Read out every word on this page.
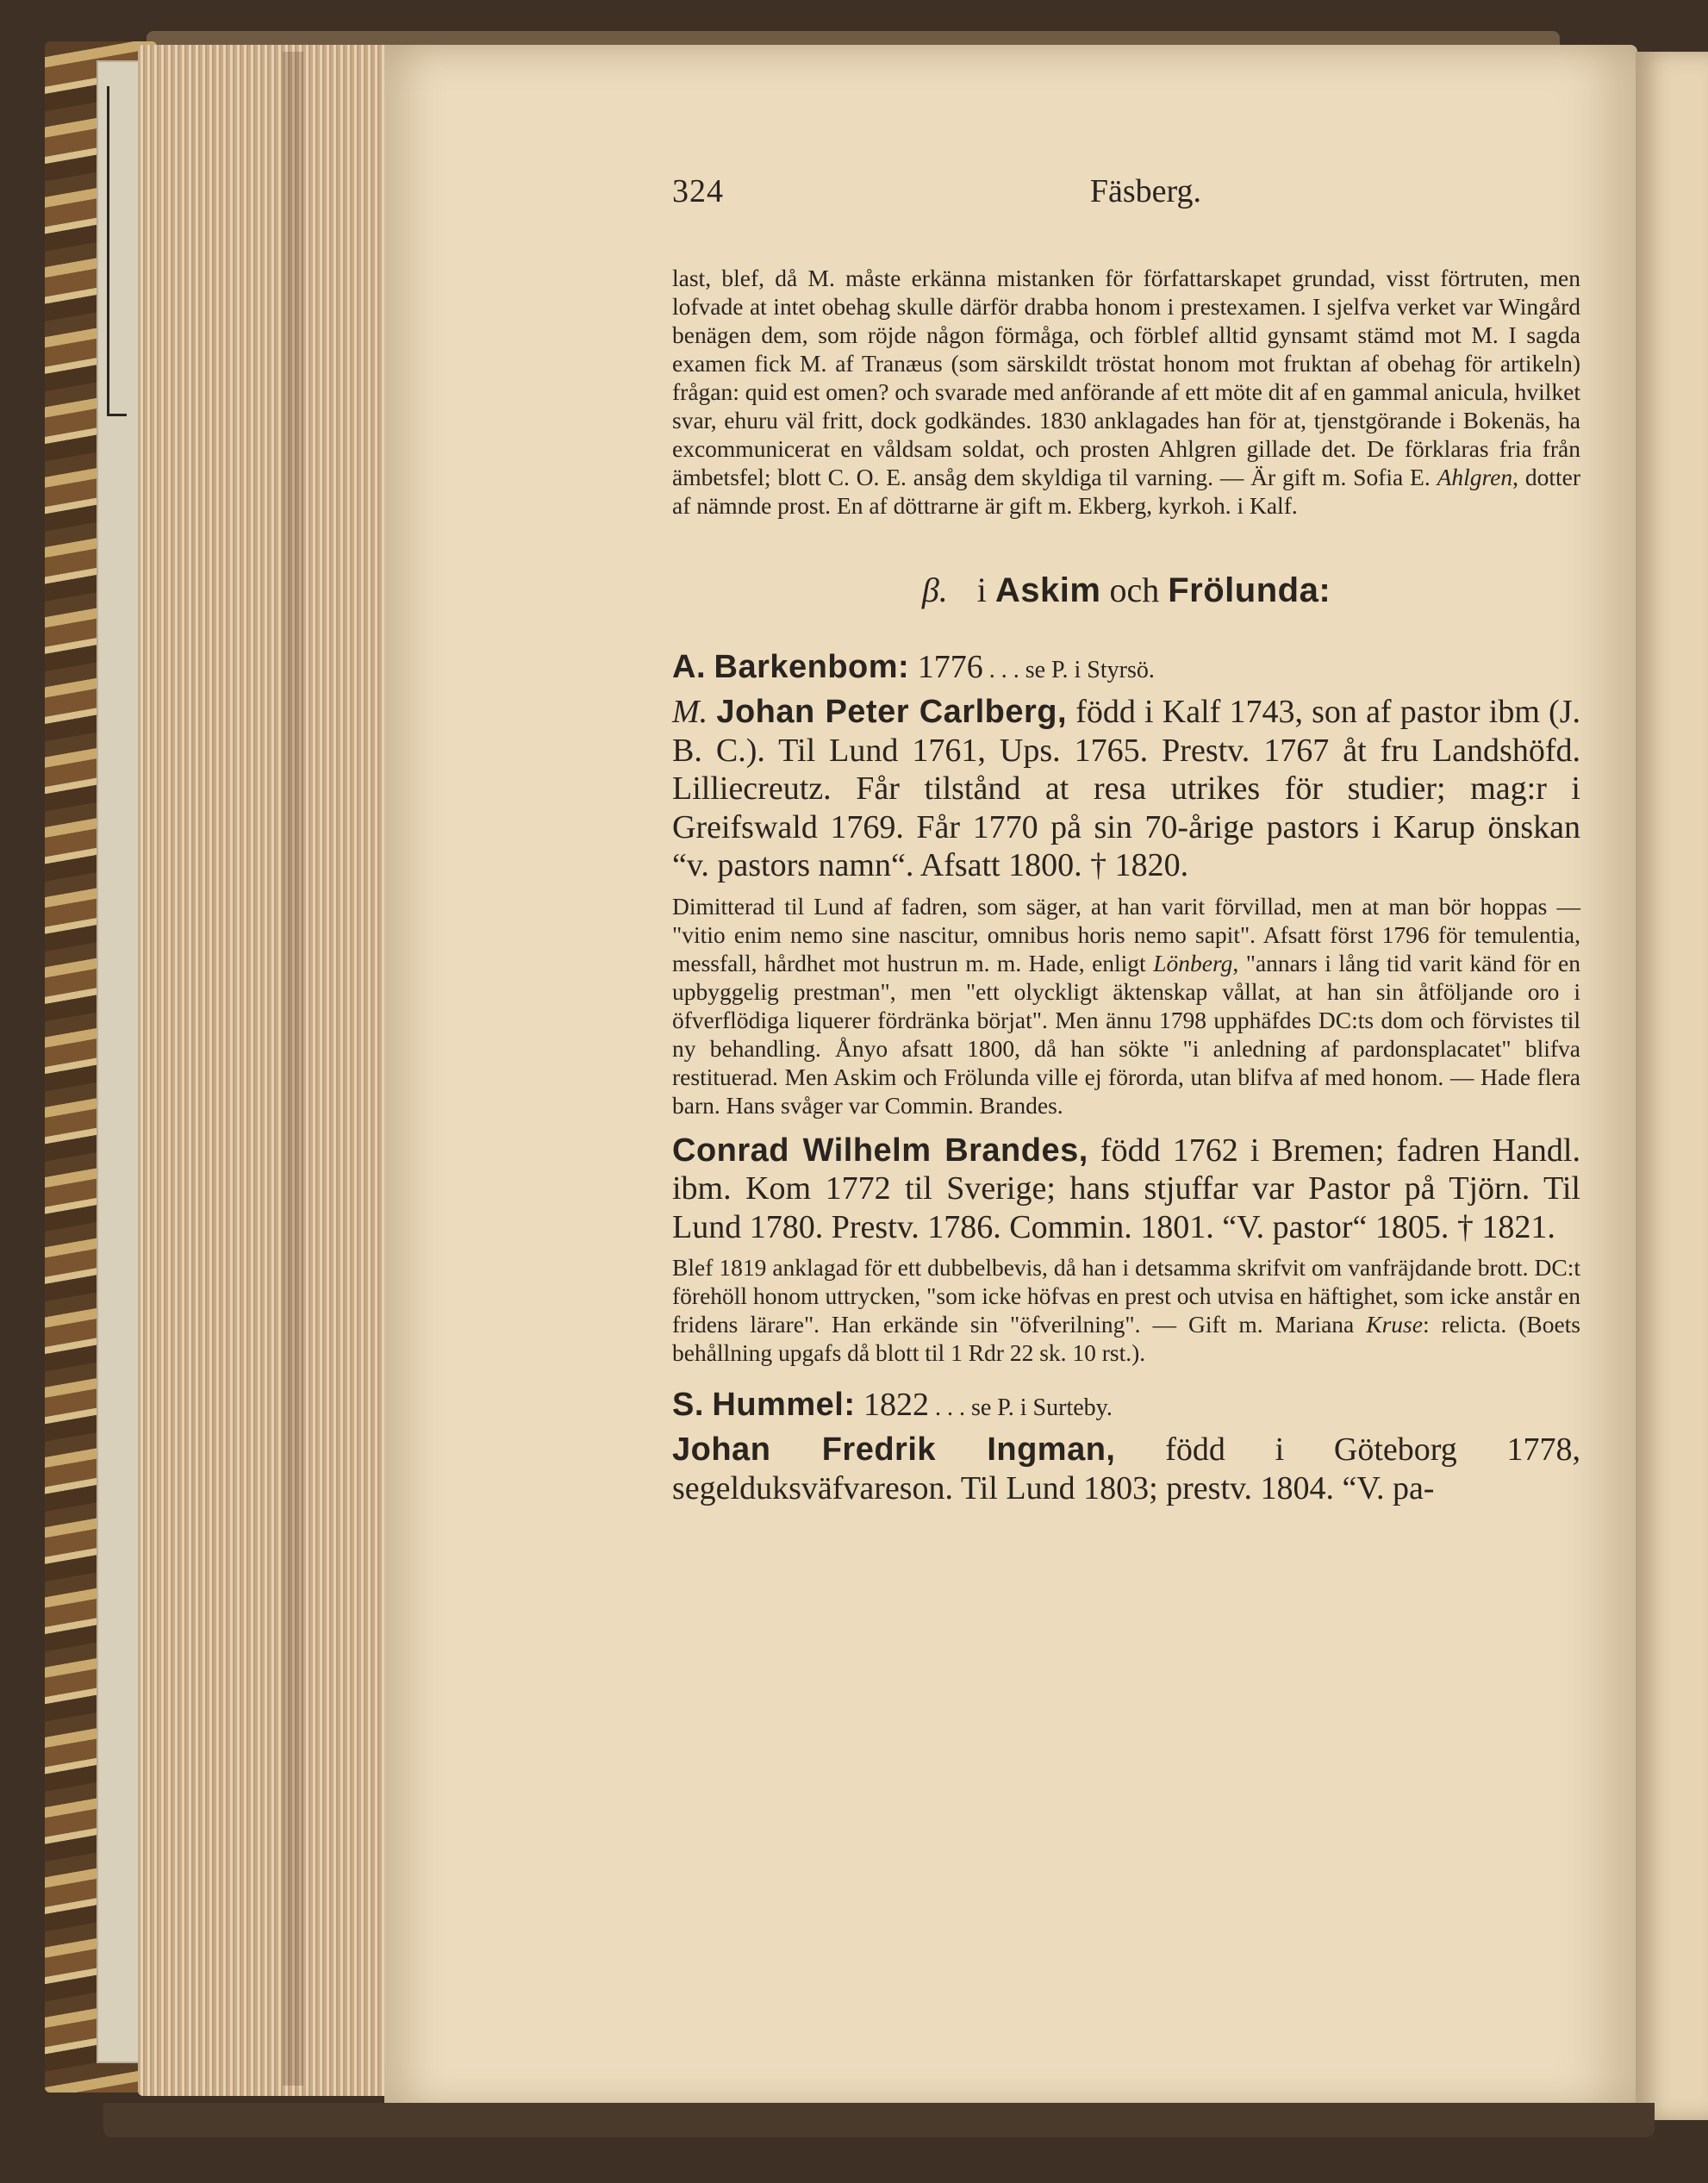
324	Fäsberg.

last, blef, då M. måste erkänna mistanken för författarskapet grundad, visst förtruten, men lofvade at intet obehag skulle därför drabba honom i prestexamen. I sjelfva verket var Wingård benägen dem, som röjde någon förmåga, och förblef alltid gynsamt stämd mot M. I sagda examen fick M. af Tranæus (som särskildt tröstat honom mot fruktan af obehag för artikeln) frågan: quid est omen? och svarade med anförande af ett möte dit af en gammal anicula, hvilket svar, ehuru väl fritt, dock godkändes. 1830 anklagades han för at, tjenstgörande i Bokenäs, ha excommunicerat en våldsam soldat, och prosten Ahlgren gillade det. De förklaras fria från ämbetsfel; blott C. O. E. ansåg dem skyldiga til varning. — Är gift m. Sofia E. Ahlgren, dotter af nämnde prost. En af döttrarne är gift m. Ekberg, kyrkoh. i Kalf.

β. i Askim och Frölunda:
A. Barkenbom: 1776 . . . se P. i Styrsö.

M. Johan Peter Carlberg, född i Kalf 1743, son af pastor ibm (J. B. C.). Til Lund 1761, Ups. 1765. Prestv. 1767 åt fru Landshöfd. Lilliecreutz. Får tilstånd at resa utrikes för studier; mag:r i Greifswald 1769. Får 1770 på sin 70-årige pastors i Karup önskan “v. pastors namn“. Afsatt 1800. † 1820.

Dimitterad til Lund af fadren, som säger, at han varit förvillad, men at man bör hoppas — "vitio enim nemo sine nascitur, omnibus horis nemo sapit". Afsatt först 1796 för temulentia, messfall, hårdhet mot hustrun m. m. Hade, enligt Lönberg, "annars i lång tid varit känd för en upbyggelig prestman", men "ett olyckligt äktenskap vållat, at han sin åtföljande oro i öfverflödiga liquerer fördränka börjat". Men ännu 1798 upphäfdes DC:ts dom och förvistes til ny behandling. Ånyo afsatt 1800, då han sökte "i anledning af pardonsplacatet" blifva restituerad. Men Askim och Frölunda ville ej förorda, utan blifva af med honom. — Hade flera barn. Hans svåger var Commin. Brandes.

Conrad Wilhelm Brandes, född 1762 i Bremen; fadren Handl. ibm. Kom 1772 til Sverige; hans stjuffar var Pastor på Tjörn. Til Lund 1780. Prestv. 1786. Commin. 1801. “V. pastor“ 1805. † 1821.

Blef 1819 anklagad för ett dubbelbevis, då han i detsamma skrifvit om vanfräjdande brott. DC:t förehöll honom uttrycken, "som icke höfvas en prest och utvisa en häftighet, som icke anstår en fridens lärare". Han erkände sin "öfverilning". — Gift m. Mariana Kruse: relicta. (Boets behållning upgafs då blott til 1 Rdr 22 sk. 10 rst.).

S. Hummel: 1822 . . . se P. i Surteby.

Johan Fredrik Ingman, född i Göteborg 1778, segelduksväfvareson. Til Lund 1803; prestv. 1804. “V. pa-
